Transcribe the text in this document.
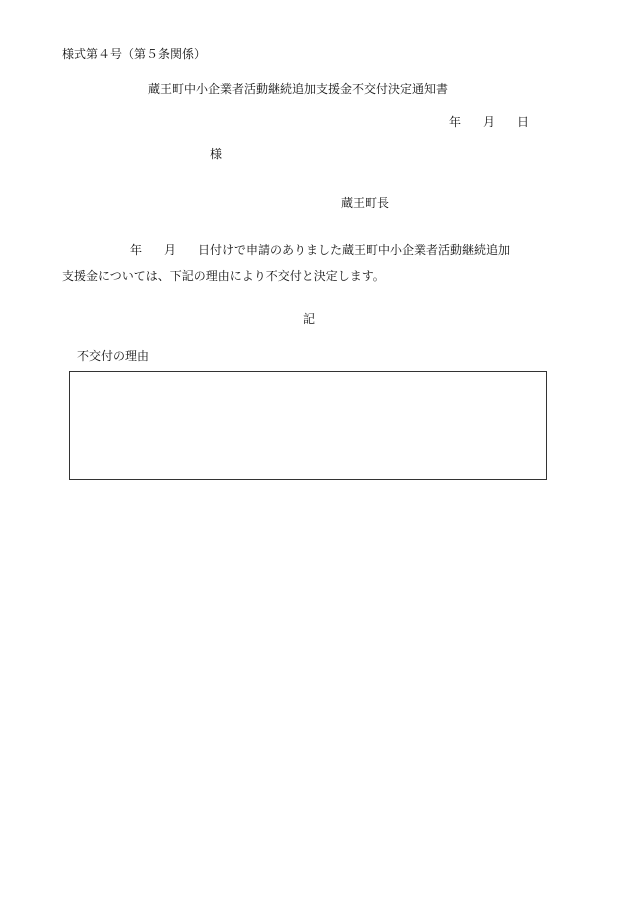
様式第４号（第５条関係）
蔵王町中小企業者活動継続追加支援金不交付決定通知書
年 月 日
様
蔵王町長
年 月 日付けで申請のありました蔵王町中小企業者活動継続追加
支援金については、下記の理由により不交付と決定します。
記
不交付の理由
